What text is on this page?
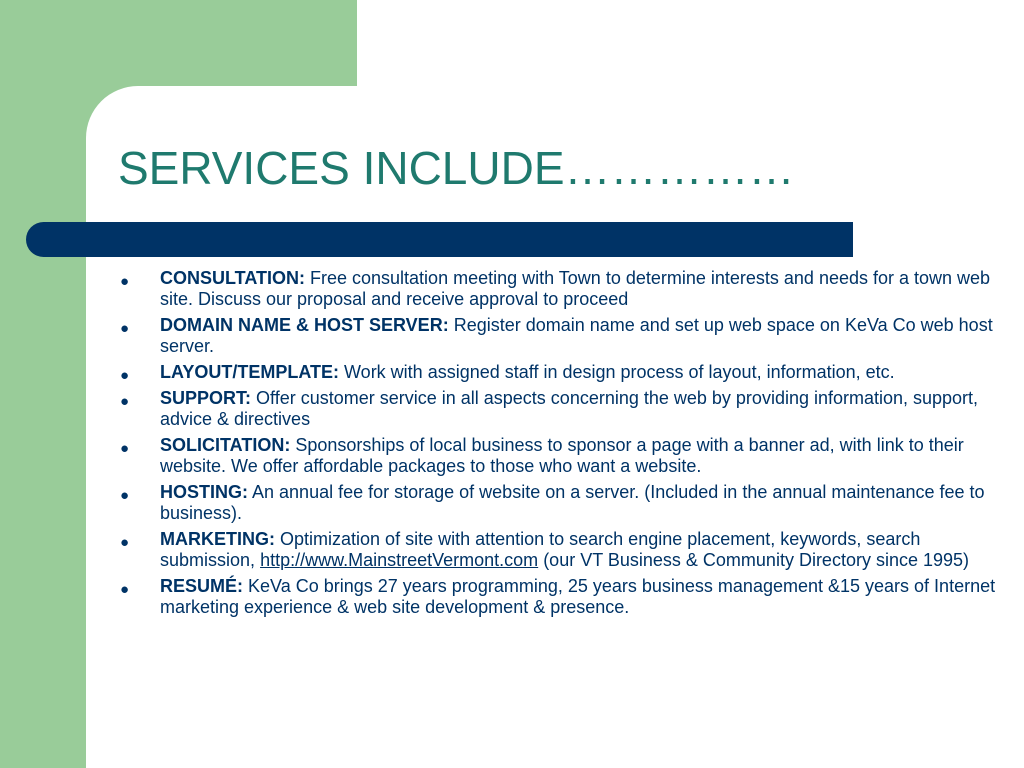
SERVICES INCLUDE……………
● CONSULTATION: Free consultation meeting with Town to determine interests and needs for a town web site. Discuss our proposal and receive approval to proceed
● DOMAIN NAME & HOST SERVER: Register domain name and set up web space on KeVa Co web host server.
● LAYOUT/TEMPLATE: Work with assigned staff in design process of layout, information, etc.
● SUPPORT: Offer customer service in all aspects concerning the web by providing information, support, advice & directives
● SOLICITATION: Sponsorships of local business to sponsor a page with a banner ad, with link to their website. We offer affordable packages to those who want a website.
● HOSTING: An annual fee for storage of website on a server. (Included in the annual maintenance fee to business).
● MARKETING: Optimization of site with attention to search engine placement, keywords, search submission, http://www.MainstreetVermont.com (our VT Business & Community Directory since 1995)
● RESUMÉ: KeVa Co brings 27 years programming, 25 years business management &15 years of Internet marketing experience & web site development & presence.
